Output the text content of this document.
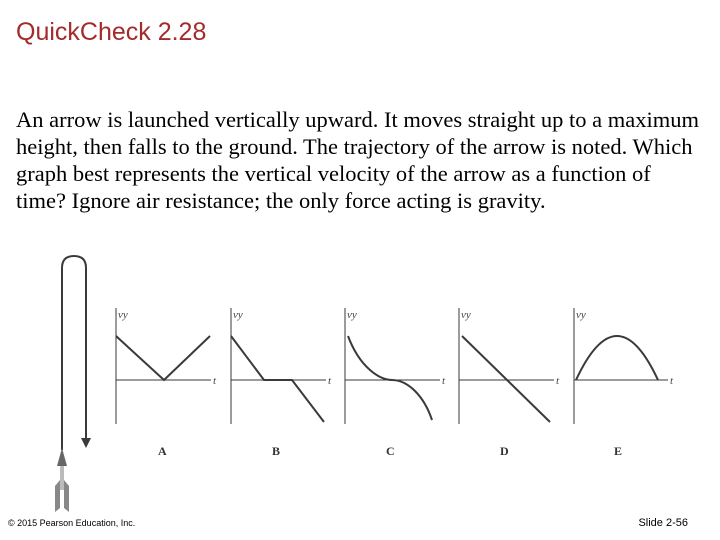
QuickCheck 2.28

An arrow is launched vertically upward. It moves straight up to a maximum height, then falls to the ground. The trajectory of the arrow is noted. Which graph best represents the vertical velocity of the arrow as a function of time? Ignore air resistance; the only force acting is gravity.

vy
t
A
vy
t
B
vy
t
C
vy
t
D
vy
t
E
© 2015 Pearson Education, Inc.	Slide 2-56
